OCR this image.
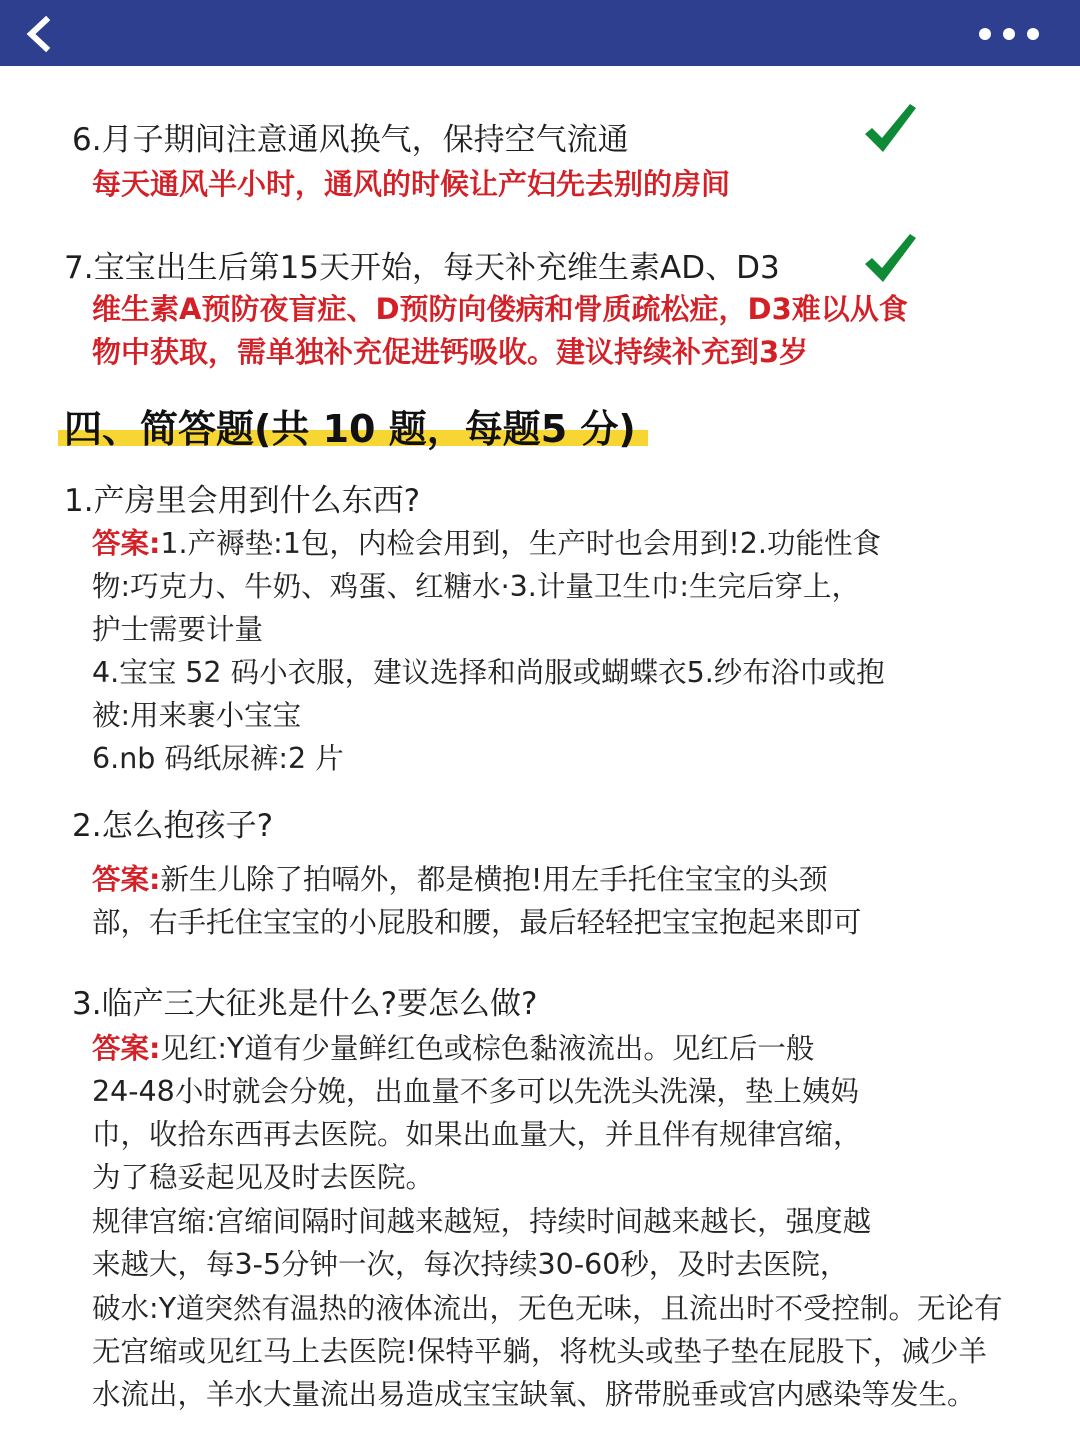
6.月子期间注意通风换气，保持空气流通
每天通风半小时，通风的时候让产妇先去别的房间
7.宝宝出生后第15天开始，每天补充维生素AD、D3
维生素A预防夜盲症、D预防向偻病和骨质疏松症，D3难以从食
物中获取，需单独补充促进钙吸收。建议持续补充到3岁
四、简答题(共 10 题，每题5 分)
1.产房里会用到什么东西?
答案:1.产褥垫:1包，内检会用到，生产时也会用到!2.功能性食
物:巧克力、牛奶、鸡蛋、红糖水·3.计量卫生巾:生完后穿上，
护士需要计量
4.宝宝 52 码小衣服，建议选择和尚服或蝴蝶衣5.纱布浴巾或抱
被:用来裹小宝宝
6.nb 码纸尿裤:2 片
2.怎么抱孩子?
答案:新生儿除了拍嗝外，都是横抱!用左手托住宝宝的头颈
部，右手托住宝宝的小屁股和腰，最后轻轻把宝宝抱起来即可
3.临产三大征兆是什么?要怎么做?
答案:见红:Y道有少量鲜红色或棕色黏液流出。见红后一般
24-48小时就会分娩，出血量不多可以先洗头洗澡，垫上姨妈
巾，收拾东西再去医院。如果出血量大，并且伴有规律宫缩，
为了稳妥起见及时去医院。
规律宫缩:宫缩间隔时间越来越短，持续时间越来越长，强度越
来越大，每3-5分钟一次，每次持续30-60秒，及时去医院，
破水:Y道突然有温热的液体流出，无色无味，且流出时不受控制。无论有
无宫缩或见红马上去医院!保特平躺，将枕头或垫子垫在屁股下，减少羊
水流出，羊水大量流出易造成宝宝缺氧、脐带脱垂或宫内感染等发生。
